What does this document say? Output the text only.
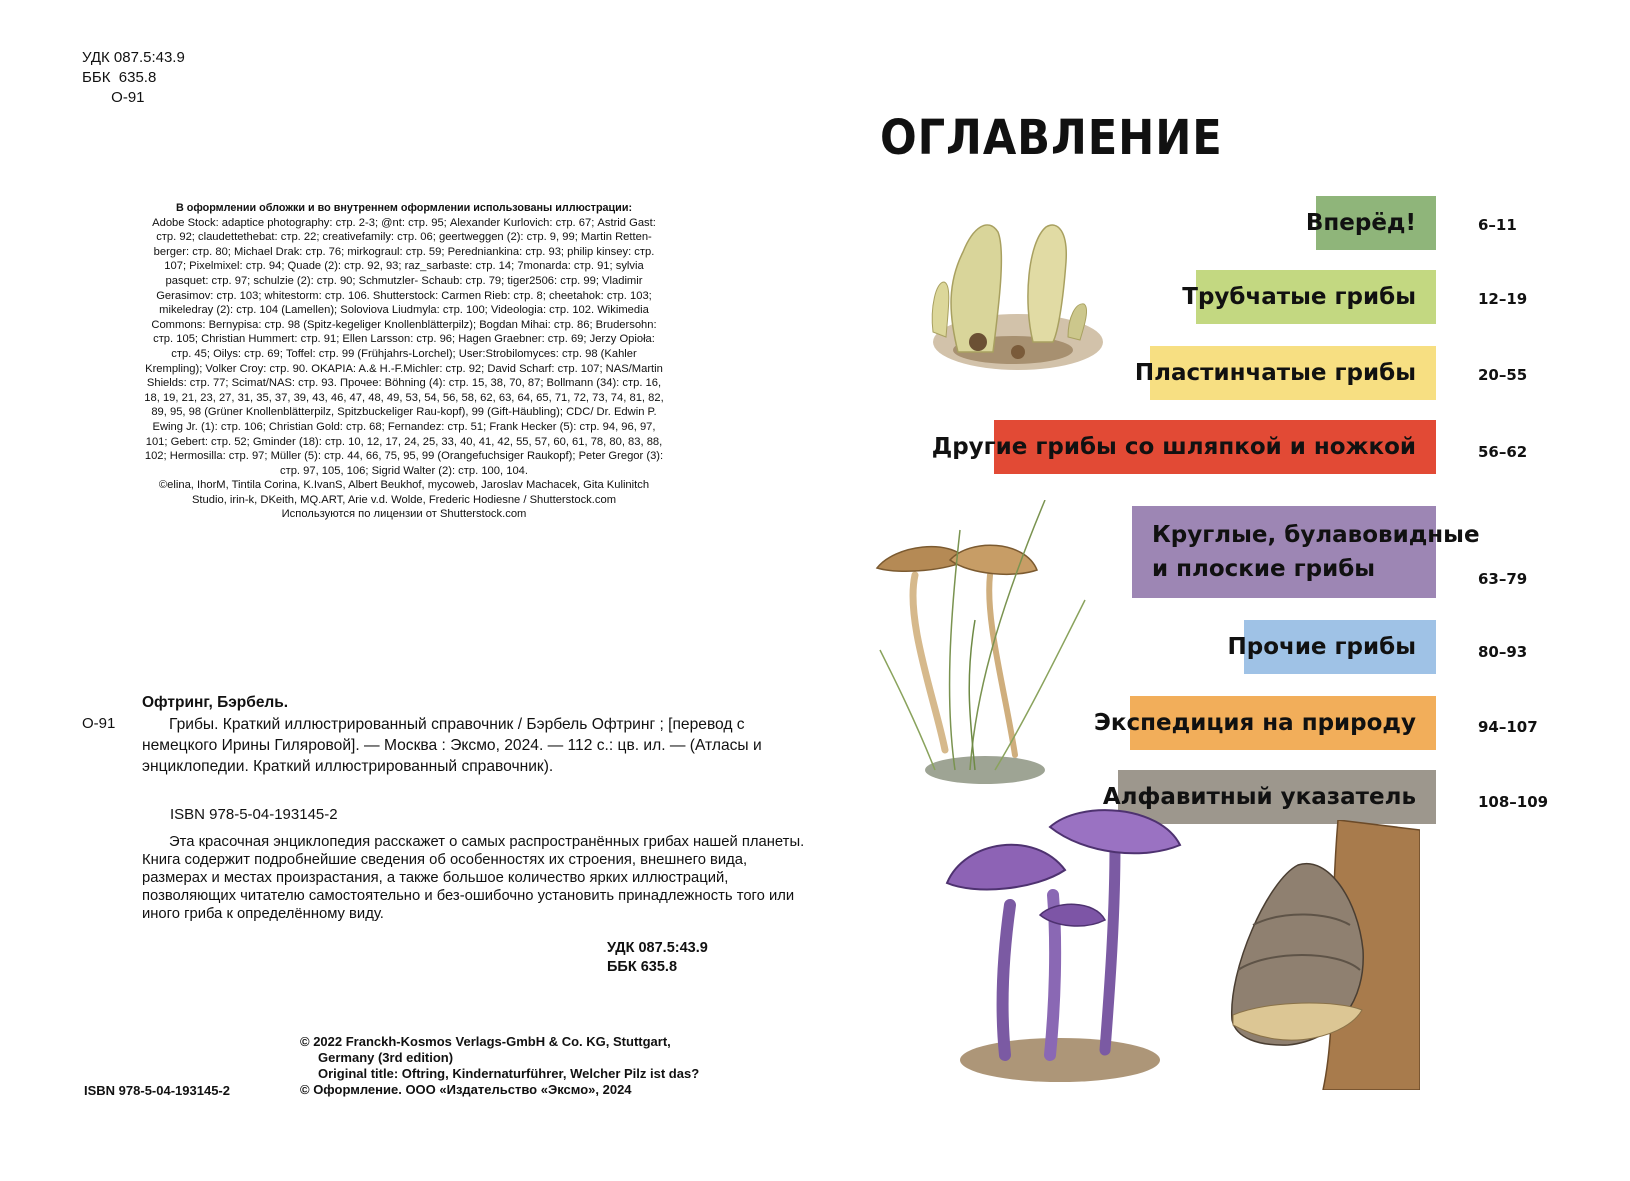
УДК 087.5:43.9
ББК  635.8
О-91
В оформлении обложки и во внутреннем оформлении использованы иллюстрации:
Adobe Stock: adaptice photography: стр. 2-3; @nt: стр. 95; Alexander Kurlovich: стр. 67; Astrid Gast: стр. 92; claudettethebat: стр. 22; creativefamily: стр. 06; geertweggen (2): стр. 9, 99; Martin Retten-berger: стр. 80; Michael Drak: стр. 76; mirkograul: стр. 59; Peredniankina: стр. 93; philip kinsey: стр. 107; Pixelmixel: стр. 94; Quade (2): стр. 92, 93; raz_sarbaste: стр. 14; 7monarda: стр. 91; sylvia pasquet: стр. 97; schulzie (2): стр. 90; Schmutzler- Schaub: стр. 79; tiger2506: стр. 99; Vladimir Gerasimov: стр. 103; whitestorm: стр. 106. Shutterstock: Carmen Rieb: стр. 8; cheetahok: стр. 103; mikeledray (2): стр. 104 (Lamellen); Soloviova Liudmyla: стр. 100; Videologia: стр. 102. Wikimedia Commons: Bernypisa: стр. 98 (Spitz-kegeliger Knollenblätterpilz); Bogdan Mihai: стр. 86; Brudersohn: стр. 105; Christian Hummert: стр. 91; Ellen Larsson: стр. 96; Hagen Graebner: стр. 69; Jerzy Opioła: стр. 45; Oilys: стр. 69; Toffel: стр. 99 (Frühjahrs-Lorchel); User:Strobilomyces: стр. 98 (Kahler Krempling); Volker Croy: стр. 90. OKAPIA: A.& H.-F.Michler: стр. 92; David Scharf: стр. 107; NAS/Martin Shields: стр. 77; Scimat/NAS: стр. 93. Прочее: Böhning (4): стр. 15, 38, 70, 87; Bollmann (34): стр. 16, 18, 19, 21, 23, 27, 31, 35, 37, 39, 43, 46, 47, 48, 49, 53, 54, 56, 58, 62, 63, 64, 65, 71, 72, 73, 74, 81, 82, 89, 95, 98 (Grüner Knollenblätterpilz, Spitzbuckeliger Rau-kopf), 99 (Gift-Häubling); CDC/ Dr. Edwin P. Ewing Jr. (1): стр. 106; Christian Gold: стр. 68; Fernandez: стр. 51; Frank Hecker (5): стр. 94, 96, 97, 101; Gebert: стр. 52; Gminder (18): стр. 10, 12, 17, 24, 25, 33, 40, 41, 42, 55, 57, 60, 61, 78, 80, 83, 88, 102; Hermosilla: стр. 97; Müller (5): стр. 44, 66, 75, 95, 99 (Orangefuchsiger Raukopf); Peter Gregor (3): стр. 97, 105, 106; Sigrid Walter (2): стр. 100, 104.
©elina, IhorM, Tintila Corina, K.IvanS, Albert Beukhof, mycoweb, Jaroslav Machacek, Gita Kulinitch Studio, irin-k, DKeith, MQ.ART, Arie v.d. Wolde, Frederic Hodiesne / Shutterstock.com
Используются по лицензии от Shutterstock.com
Офтринг, Бэрбель.
О-91	Грибы. Краткий иллюстрированный справочник / Бэрбель Офтринг ; [перевод с немецкого Ирины Гиляровой]. — Москва : Эксмо, 2024. — 112 с.: цв. ил. — (Атласы и энциклопедии. Краткий иллюстрированный справочник).
ISBN 978-5-04-193145-2
Эта красочная энциклопедия расскажет о самых распространённых грибах нашей планеты. Книга содержит подробнейшие сведения об особенностях их строения, внешнего вида, размерах и местах произрастания, а также большое количество ярких иллюстраций, позволяющих читателю самостоятельно и без-ошибочно установить принадлежность того или иного гриба к определённому виду.
УДК 087.5:43.9
ББК 635.8
© 2022 Franckh-Kosmos Verlags-GmbH & Co. KG, Stuttgart,
Germany (3rd edition)
Original title: Oftring, Kindernaturführer, Welcher Pilz ist das?
© Оформление. ООО «Издательство «Эксмо», 2024
ISBN 978-5-04-193145-2
ОГЛАВЛЕНИЕ
Вперёд!	6–11
Трубчатые грибы	12–19
Пластинчатые грибы	20–55
Другие грибы со шляпкой и ножкой	56–62
Круглые, булавовидные
и плоские грибы	63–79
Прочие грибы	80–93
Экспедиция на природу	94–107
Алфавитный указатель	108–109
